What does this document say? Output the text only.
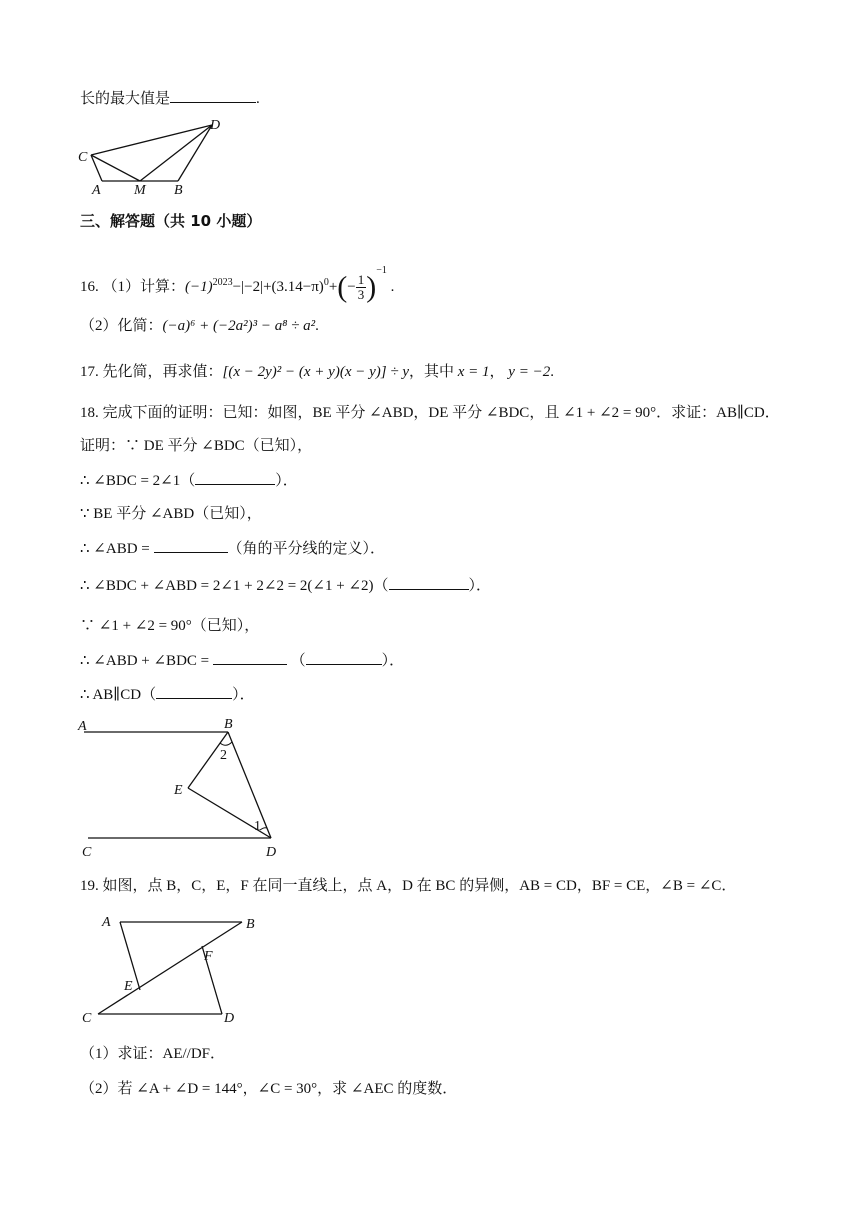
长的最大值是	.
C
D
A M B
三、解答题（共 10 小题）
16. （1）计算：$(-1)^{2023}-|-2|+(3.14-\pi)^0+(- \frac{1}{3} )^{-1}$ .
（2）化简：(−a)⁶ + (−2a²)³ − a⁸ ÷ a².
17. 先化简，再求值：[(x − 2y)² − (x + y)(x − y)] ÷ y，其中 x = 1， y = −2.
18. 完成下面的证明：已知：如图，BE 平分 ∠ABD，DE 平分 ∠BDC，且 ∠1 + ∠2 = 90°．求证：AB∥CD．
证明：∵ DE 平分 ∠BDC（已知），
∴ ∠BDC = 2∠1（	）．
∵ BE 平分 ∠ABD（已知），
∴ ∠ABD =	（角的平分线的定义）．
∴ ∠BDC + ∠ABD = 2∠1 + 2∠2 = 2(∠1 + ∠2)（	）．
∵ ∠1 + ∠2 = 90°（已知），
∴ ∠ABD + ∠BDC =	（	）．
∴ AB∥CD（	）．
A	B
2
E
1
C	D
19. 如图，点 B，C，E，F 在同一直线上，点 A，D 在 BC 的异侧，AB = CD，BF = CE，∠B = ∠C．
A	B
F
E
C	D
（1）求证：AE//DF．
（2）若 ∠A + ∠D = 144°，∠C = 30°，求 ∠AEC 的度数．
